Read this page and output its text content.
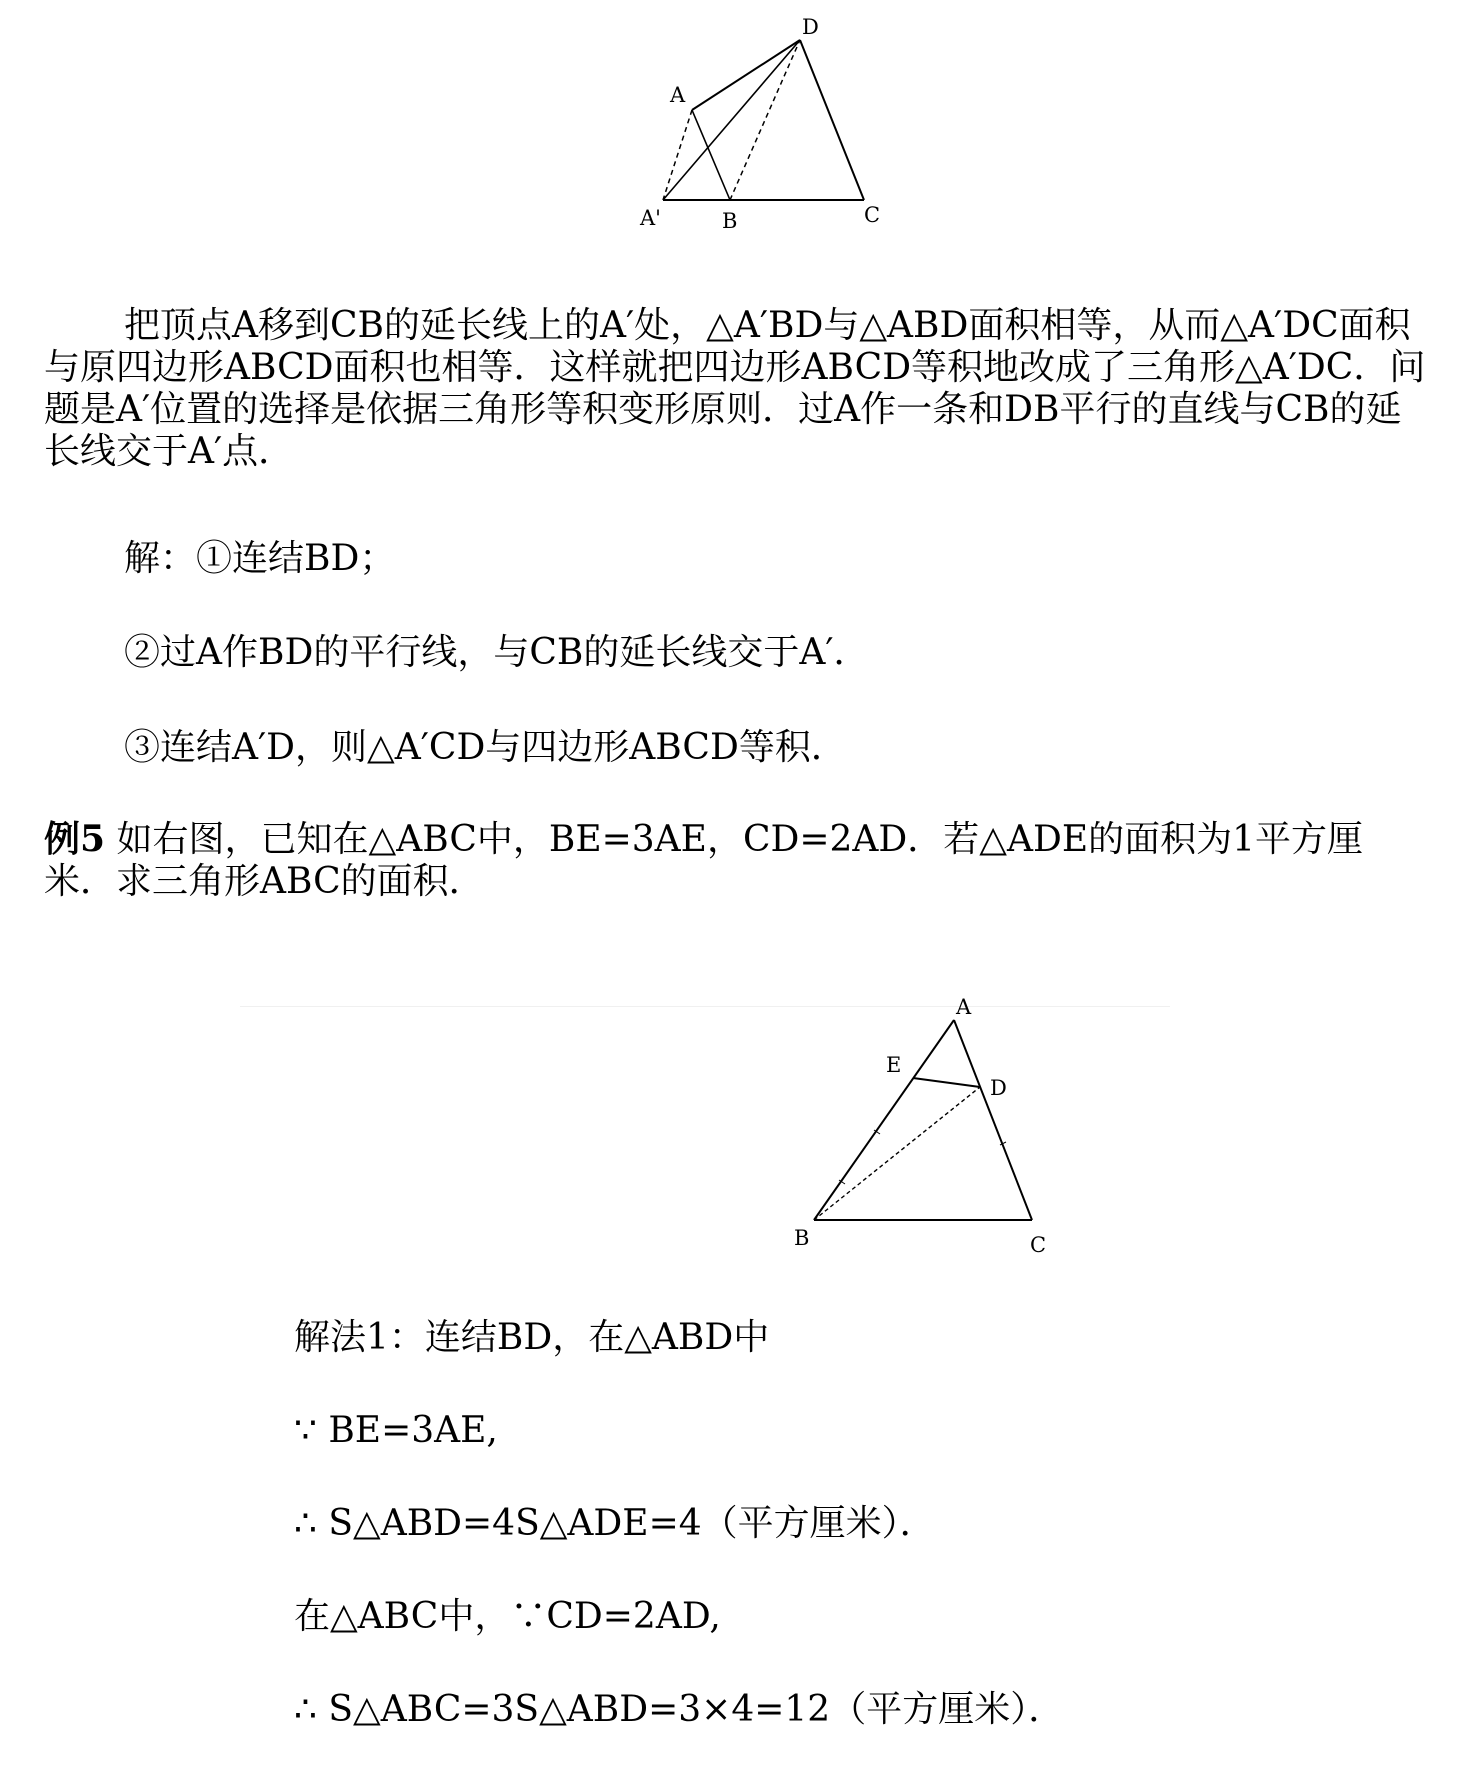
D
A
A'	B	C
把顶点A移到CB的延长线上的A′处，△A′BD与△ABD面积相等，从而△A′DC面积与原四边形ABCD面积也相等．这样就把四边形ABCD等积地改成了三角形△A′DC．问题是A′位置的选择是依据三角形等积变形原则．过A作一条和DB平行的直线与CB的延长线交于A′点．
解：①连结BD；
②过A作BD的平行线，与CB的延长线交于A′．
③连结A′D，则△A′CD与四边形ABCD等积．
例5 如右图，已知在△ABC中，BE=3AE，CD=2AD．若△ADE的面积为1平方厘米．求三角形ABC的面积．
A
E
D
B	C
解法1：连结BD，在△ABD中
∵ BE=3AE,
∴ S△ABD=4S△ADE=4（平方厘米）．
在△ABC中，∵CD=2AD,
∴ S△ABC=3S△ABD=3×4=12（平方厘米）．
